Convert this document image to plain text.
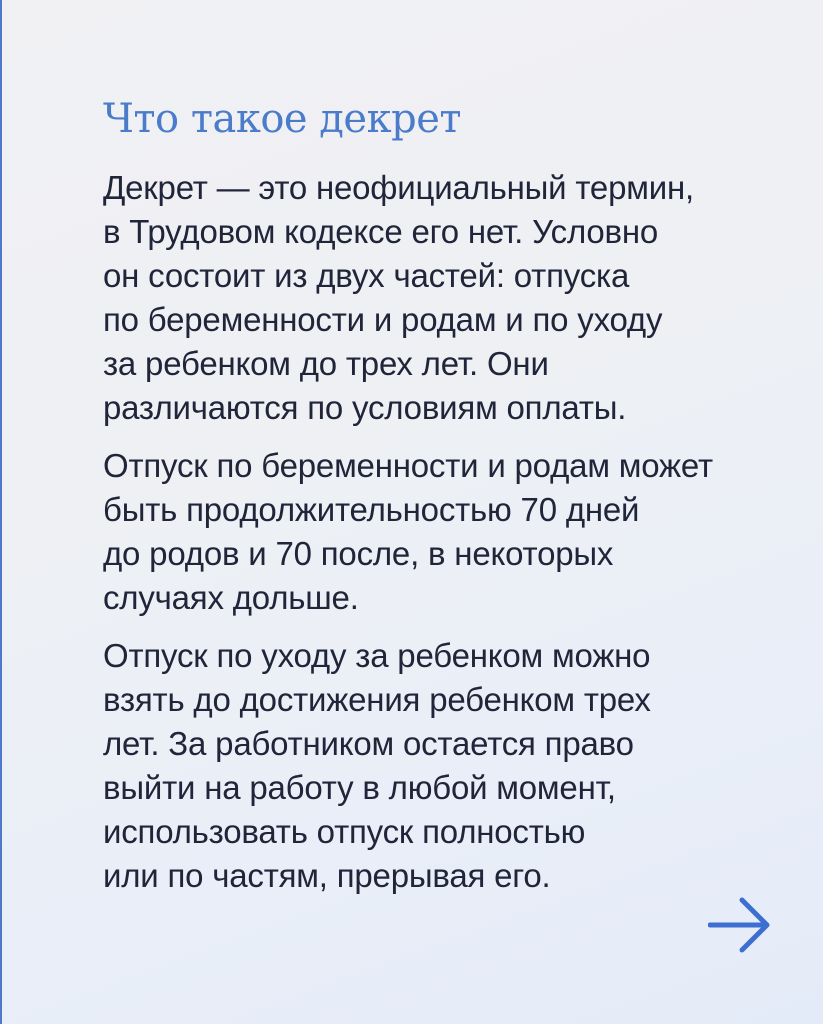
Что такое декрет

Декрет — это неофициальный термин,
в Трудовом кодексе его нет. Условно
он состоит из двух частей: отпуска
по беременности и родам и по уходу
за ребенком до трех лет. Они
различаются по условиям оплаты.

Отпуск по беременности и родам может
быть продолжительностью 70 дней
до родов и 70 после, в некоторых
случаях дольше.

Отпуск по уходу за ребенком можно
взять до достижения ребенком трех
лет. За работником остается право
выйти на работу в любой момент,
использовать отпуск полностью
или по частям, прерывая его.
